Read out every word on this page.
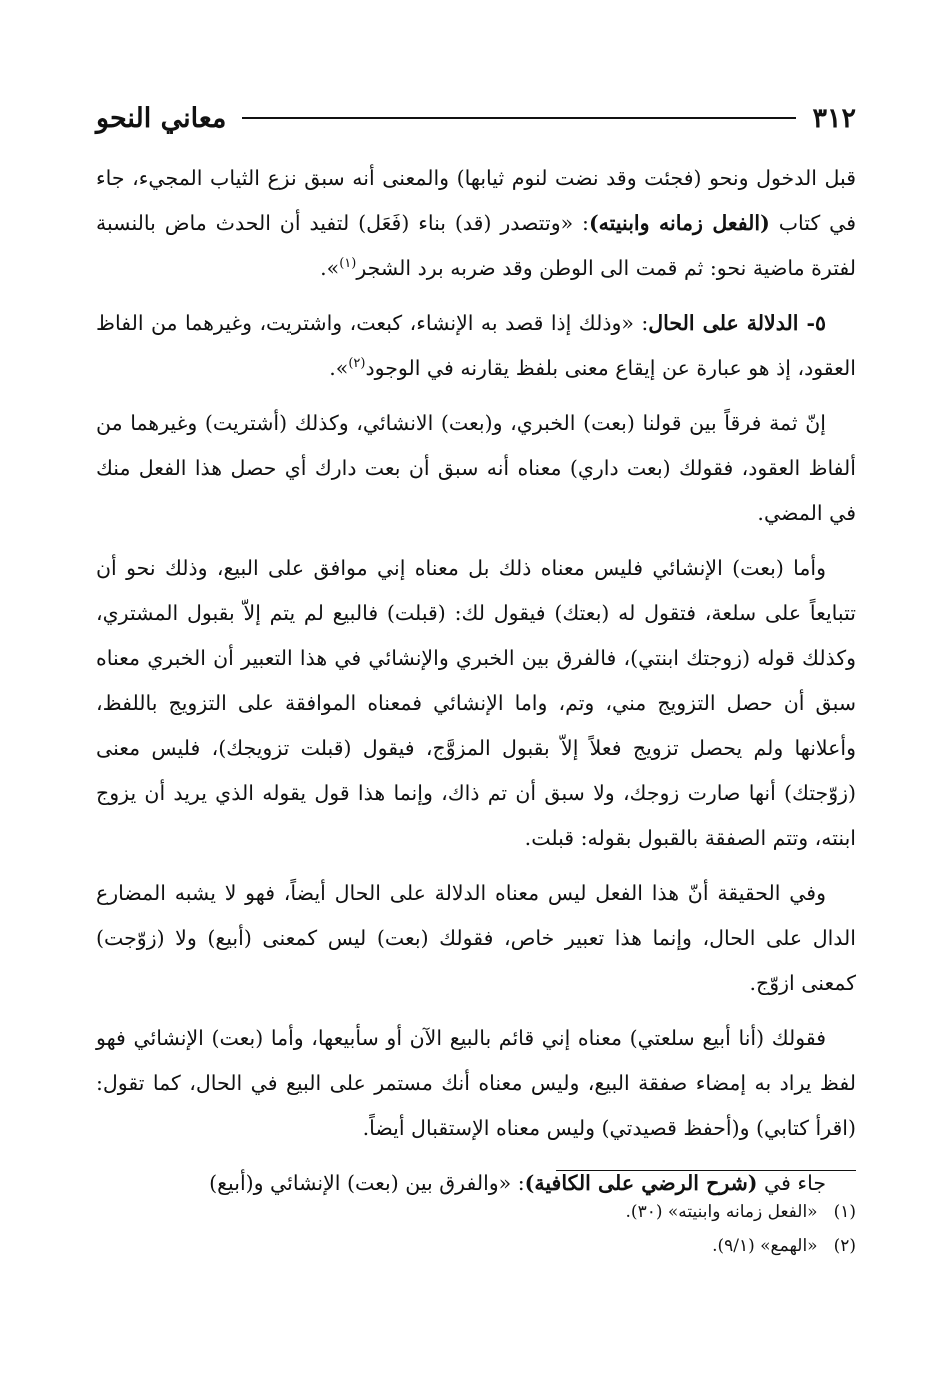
٣١٢
معاني النحو

قبل الدخول ونحو (فجئت وقد نضت لنوم ثيابها) والمعنى أنه سبق نزع الثياب المجيء، جاء في كتاب (الفعل زمانه وابنيته): «وتتصدر (قد) بناء (فَعَل) لتفيد أن الحدث ماض بالنسبة لفترة ماضية نحو: ثم قمت الى الوطن وقد ضربه برد الشجر$^{(١)}$».

٥- الدلالة على الحال: «وذلك إذا قصد به الإنشاء، كبعت، واشتريت، وغيرهما من الفاظ العقود، إذ هو عبارة عن إيقاع معنى بلفظ يقارنه في الوجود$^{(٢)}$».

إنّ ثمة فرقاً بين قولنا (بعت) الخبري، و(بعت) الانشائي، وكذلك (أشتريت) وغيرهما من ألفاظ العقود، فقولك (بعت داري) معناه أنه سبق أن بعت دارك أي حصل هذا الفعل منك في المضي.

وأما (بعت) الإنشائي فليس معناه ذلك بل معناه إني موافق على البيع، وذلك نحو أن تتبايعاً على سلعة، فتقول له (بعتك) فيقول لك: (قبلت) فالبيع لم يتم إلاّ بقبول المشتري، وكذلك قوله (زوجتك ابنتي)، فالفرق بين الخبري والإنشائي في هذا التعبير أن الخبري معناه سبق أن حصل التزويج مني، وتم، واما الإنشائي فمعناه الموافقة على التزويج باللفظ، وأعلانها ولم يحصل تزويج فعلاً إلاّ بقبول المزوَّج، فيقول (قبلت تزويجك)، فليس معنى (زوّجتك) أنها صارت زوجك، ولا سبق أن تم ذاك، وإنما هذا قول يقوله الذي يريد أن يزوج ابنته، وتتم الصفقة بالقبول بقوله: قبلت.

وفي الحقيقة أنّ هذا الفعل ليس معناه الدلالة على الحال أيضاً، فهو لا يشبه المضارع الدال على الحال، وإنما هذا تعبير خاص، فقولك (بعت) ليس كمعنى (أبيع) ولا (زوّجت) كمعنى ازوّج.

فقولك (أنا أبيع سلعتي) معناه إني قائم بالبيع الآن أو سأبيعها، وأما (بعت) الإنشائي فهو لفظ يراد به إمضاء صفقة البيع، وليس معناه أنك مستمر على البيع في الحال، كما تقول: (اقرأ كتابي) و(أحفظ قصيدتي) وليس معناه الإستقبال أيضاً.

جاء في (شرح الرضي على الكافية): «والفرق بين (بعت) الإنشائي و(أبيع)

(١)
«الفعل زمانه وابنيته» (٣٠).
(٢)
«الهمع» (٩/١).
